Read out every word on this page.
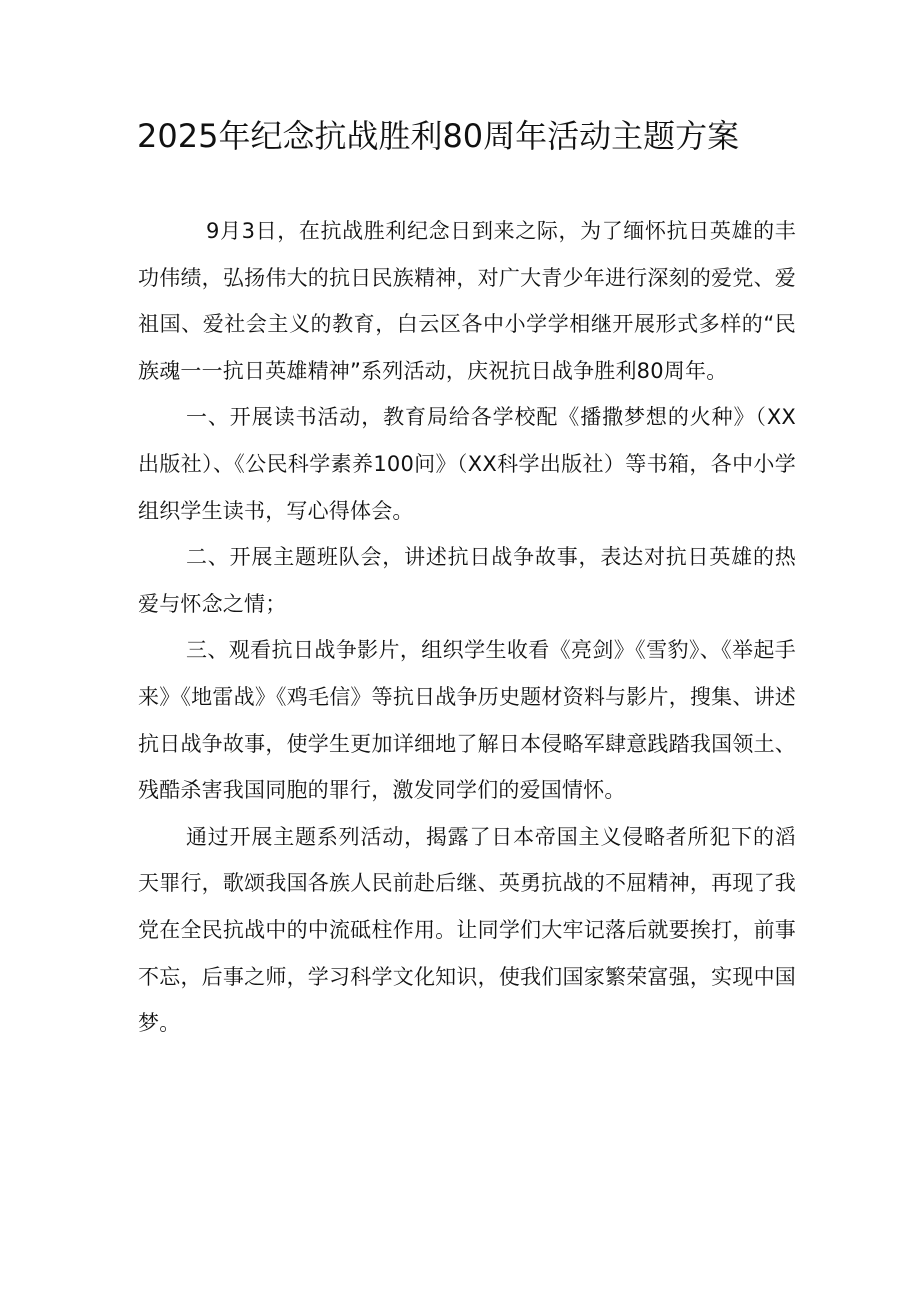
2025年纪念抗战胜利80周年活动主题方案

9月3日，在抗战胜利纪念日到来之际，为了缅怀抗日英雄的丰功伟绩，弘扬伟大的抗日民族精神，对广大青少年进行深刻的爱党、爱祖国、爱社会主义的教育，白云区各中小学学相继开展形式多样的“民族魂一一抗日英雄精神”系列活动，庆祝抗日战争胜利80周年。

一、开展读书活动，教育局给各学校配《播撒梦想的火种》（XX出版社）、《公民科学素养100问》（XX科学出版社）等书箱，各中小学组织学生读书，写心得体会。

二、开展主题班队会，讲述抗日战争故事，表达对抗日英雄的热爱与怀念之情；

三、观看抗日战争影片，组织学生收看《亮剑》《雪豹》、《举起手来》《地雷战》《鸡毛信》等抗日战争历史题材资料与影片，搜集、讲述抗日战争故事，使学生更加详细地了解日本侵略军肆意践踏我国领土、残酷杀害我国同胞的罪行，激发同学们的爱国情怀。

通过开展主题系列活动，揭露了日本帝国主义侵略者所犯下的滔天罪行，歌颂我国各族人民前赴后继、英勇抗战的不屈精神，再现了我党在全民抗战中的中流砥柱作用。让同学们大牢记落后就要挨打，前事不忘，后事之师，学习科学文化知识，使我们国家繁荣富强，实现中国梦。
